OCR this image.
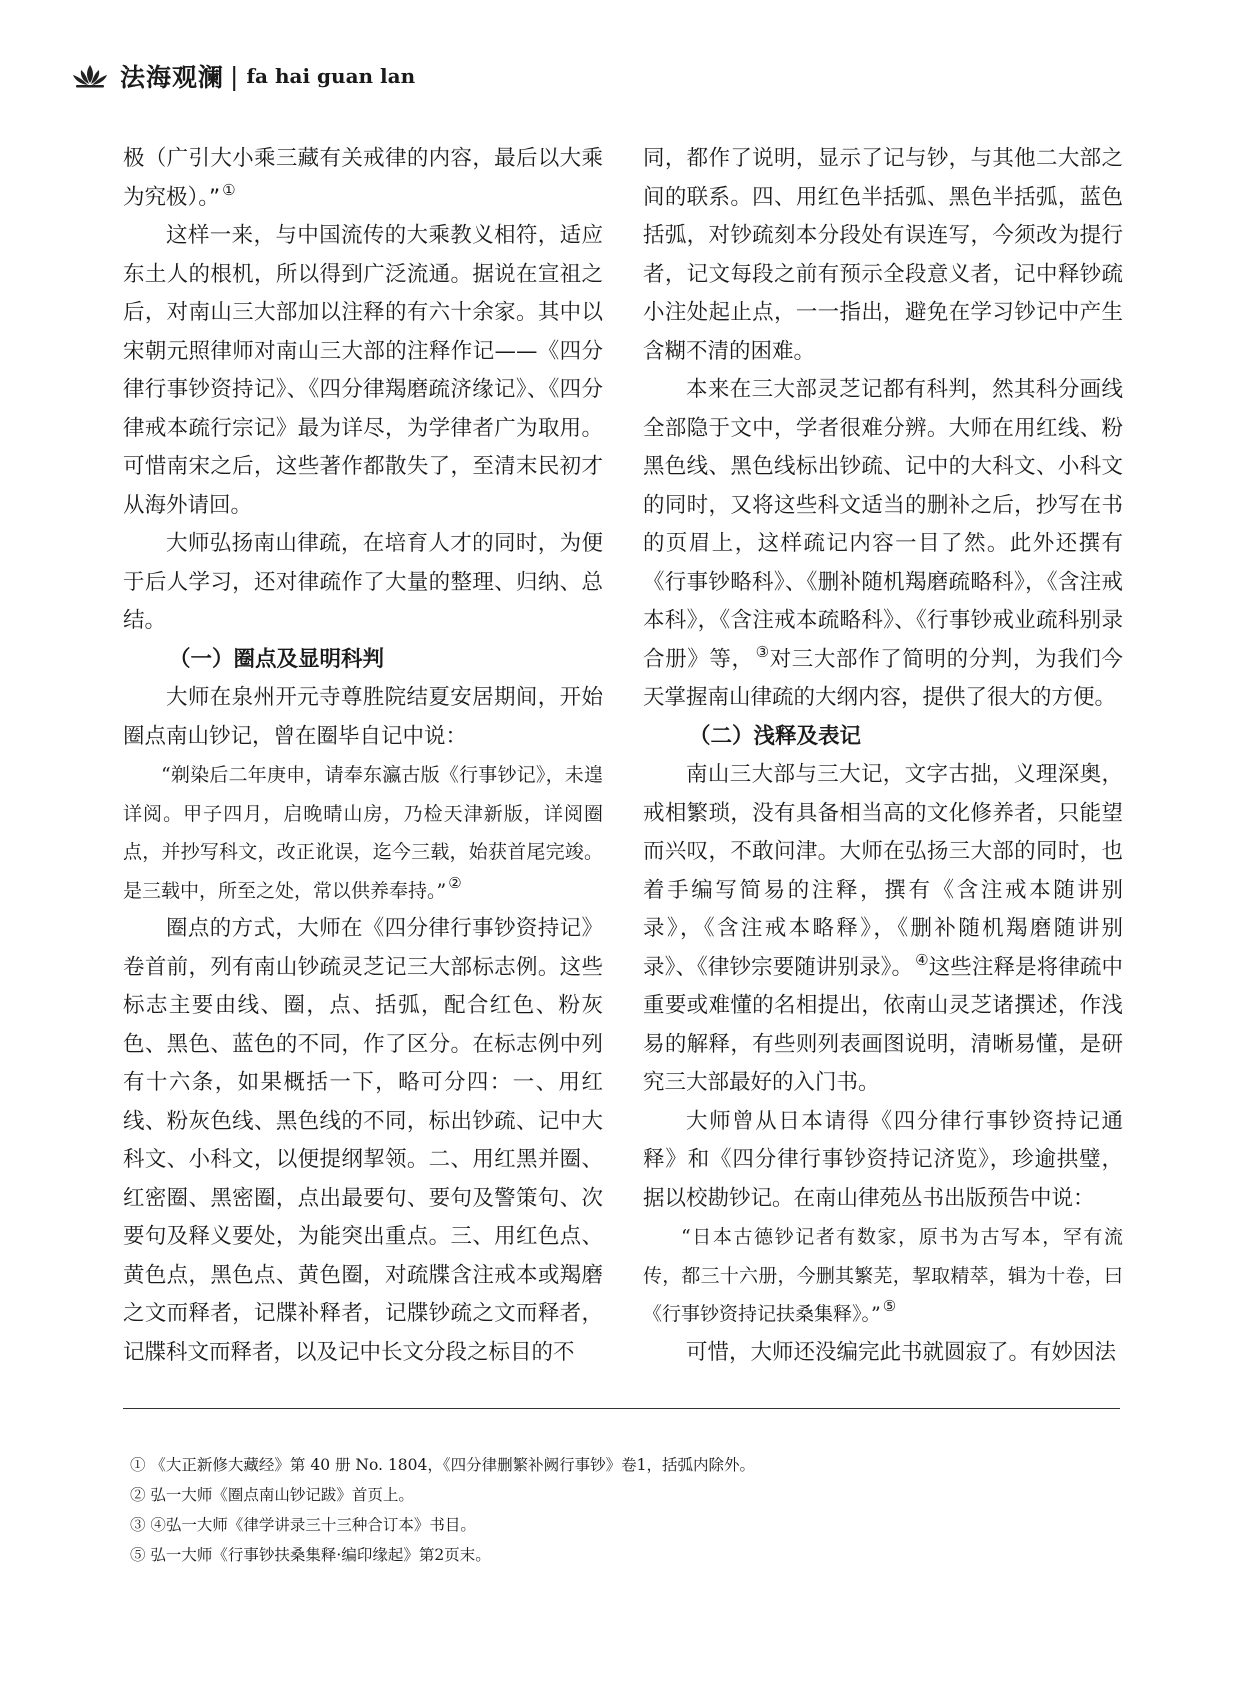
法海观澜 | fa hai guan lan

极（广引大小乘三藏有关戒律的内容，最后以大乘为究极）。” ①

这样一来，与中国流传的大乘教义相符，适应东土人的根机，所以得到广泛流通。据说在宣祖之后，对南山三大部加以注释的有六十余家。其中以宋朝元照律师对南山三大部的注释作记——《四分律行事钞资持记》、《四分律羯磨疏济缘记》、《四分律戒本疏行宗记》最为详尽，为学律者广为取用。可惜南宋之后，这些著作都散失了，至清末民初才从海外请回。

大师弘扬南山律疏，在培育人才的同时，为便于后人学习，还对律疏作了大量的整理、归纳、总结。

（一）圈点及显明科判

大师在泉州开元寺尊胜院结夏安居期间，开始圈点南山钞记，曾在圈毕自记中说：

“剃染后二年庚申，请奉东瀛古版《行事钞记》，未遑详阅。甲子四月，启晚晴山房，乃检天津新版，详阅圈点，并抄写科文，改正讹误，迄今三载，始获首尾完竣。是三载中，所至之处，常以供养奉持。” ②

圈点的方式，大师在《四分律行事钞资持记》卷首前，列有南山钞疏灵芝记三大部标志例。这些标志主要由线、圈，点、括弧，配合红色、粉灰色、黑色、蓝色的不同，作了区分。在标志例中列有十六条，如果概括一下，略可分四：一、用红线、粉灰色线、黑色线的不同，标出钞疏、记中大科文、小科文，以便提纲挈领。二、用红黑并圈、红密圈、黑密圈，点出最要句、要句及警策句、次要句及释义要处，为能突出重点。三、用红色点、黄色点，黑色点、黄色圈，对疏牒含注戒本或羯磨之文而释者，记牒补释者，记牒钞疏之文而释者，记牒科文而释者，以及记中长文分段之标目的不

同，都作了说明，显示了记与钞，与其他二大部之间的联系。四、用红色半括弧、黑色半括弧，蓝色括弧，对钞疏刻本分段处有误连写，今须改为提行者，记文每段之前有预示全段意义者，记中释钞疏小注处起止点，一一指出，避免在学习钞记中产生含糊不清的困难。

本来在三大部灵芝记都有科判，然其科分画线全部隐于文中，学者很难分辨。大师在用红线、粉黑色线、黑色线标出钞疏、记中的大科文、小科文的同时，又将这些科文适当的删补之后，抄写在书的页眉上，这样疏记内容一目了然。此外还撰有《行事钞略科》、《删补随机羯磨疏略科》，《含注戒本科》，《含注戒本疏略科》、《行事钞戒业疏科别录合册》等， ③对三大部作了简明的分判，为我们今天掌握南山律疏的大纲内容，提供了很大的方便。

（二）浅释及表记

南山三大部与三大记，文字古拙，义理深奥，戒相繁琐，没有具备相当高的文化修养者，只能望而兴叹，不敢问津。大师在弘扬三大部的同时，也着手编写简易的注释，撰有《含注戒本随讲别录》，《含注戒本略释》，《删补随机羯磨随讲别录》、《律钞宗要随讲别录》。 ④这些注释是将律疏中重要或难懂的名相提出，依南山灵芝诸撰述，作浅易的解释，有些则列表画图说明，清晰易懂，是研究三大部最好的入门书。

大师曾从日本请得《四分律行事钞资持记通释》和《四分律行事钞资持记济览》，珍逾拱璧，据以校勘钞记。在南山律苑丛书出版预告中说：

“日本古德钞记者有数家，原书为古写本，罕有流传，都三十六册，今删其繁芜，挈取精萃，辑为十卷，曰《行事钞资持记扶桑集释》。” ⑤

可惜，大师还没编完此书就圆寂了。有妙因法

① 《大正新修大藏经》第 40 册 No. 1804，《四分律删繁补阙行事钞》卷1，括弧内除外。
② 弘一大师《圈点南山钞记跋》首页上。
③ ④弘一大师《律学讲录三十三种合订本》书目。
⑤ 弘一大师《行事钞扶桑集释·编印缘起》第2页末。
